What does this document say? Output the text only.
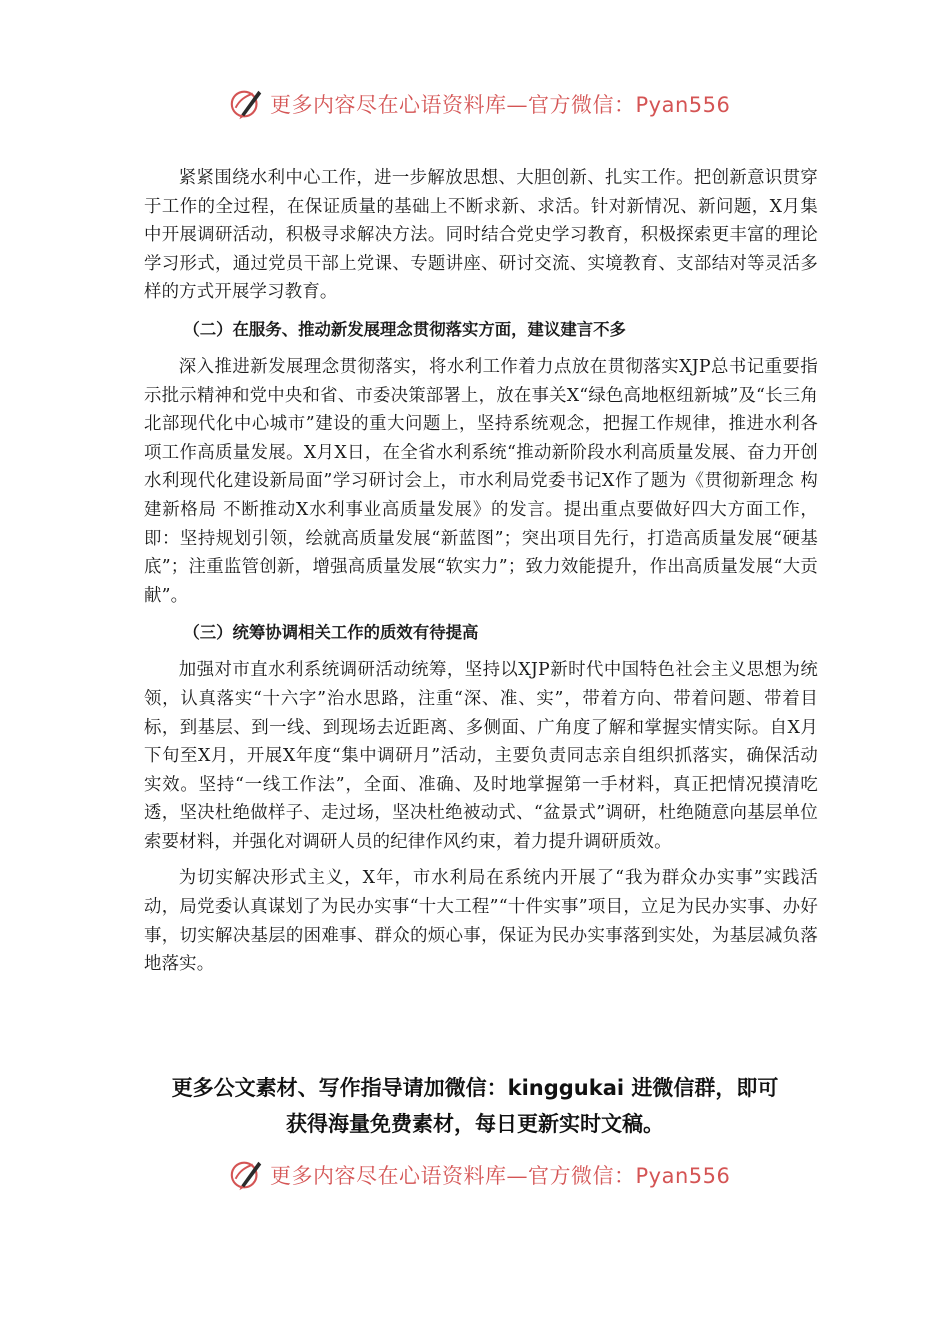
更多内容尽在心语资料库—官方微信：Pyan556

紧紧围绕水利中心工作，进一步解放思想、大胆创新、扎实工作。把创新意识贯穿于工作的全过程，在保证质量的基础上不断求新、求活。针对新情况、新问题，X月集中开展调研活动，积极寻求解决方法。同时结合党史学习教育，积极探索更丰富的理论学习形式，通过党员干部上党课、专题讲座、研讨交流、实境教育、支部结对等灵活多样的方式开展学习教育。

（二）在服务、推动新发展理念贯彻落实方面，建议建言不多

深入推进新发展理念贯彻落实，将水利工作着力点放在贯彻落实XJP总书记重要指示批示精神和党中央和省、市委决策部署上，放在事关X“绿色高地枢纽新城”及“长三角北部现代化中心城市”建设的重大问题上，坚持系统观念，把握工作规律，推进水利各项工作高质量发展。X月X日，在全省水利系统“推动新阶段水利高质量发展、奋力开创水利现代化建设新局面”学习研讨会上，市水利局党委书记X作了题为《贯彻新理念 构建新格局 不断推动X水利事业高质量发展》的发言。提出重点要做好四大方面工作，即：坚持规划引领，绘就高质量发展“新蓝图”；突出项目先行，打造高质量发展“硬基底”；注重监管创新，增强高质量发展“软实力”；致力效能提升，作出高质量发展“大贡献”。

（三）统筹协调相关工作的质效有待提高

加强对市直水利系统调研活动统筹，坚持以XJP新时代中国特色社会主义思想为统领，认真落实“十六字”治水思路，注重“深、准、实”，带着方向、带着问题、带着目标，到基层、到一线、到现场去近距离、多侧面、广角度了解和掌握实情实际。自X月下旬至X月，开展X年度“集中调研月”活动，主要负责同志亲自组织抓落实，确保活动实效。坚持“一线工作法”，全面、准确、及时地掌握第一手材料，真正把情况摸清吃透，坚决杜绝做样子、走过场，坚决杜绝被动式、“盆景式”调研，杜绝随意向基层单位索要材料，并强化对调研人员的纪律作风约束，着力提升调研质效。

为切实解决形式主义，X年，市水利局在系统内开展了“我为群众办实事”实践活动，局党委认真谋划了为民办实事“十大工程”“十件实事”项目，立足为民办实事、办好事，切实解决基层的困难事、群众的烦心事，保证为民办实事落到实处，为基层减负落地落实。

更多公文素材、写作指导请加微信：kinggukai 进微信群，即可
获得海量免费素材，每日更新实时文稿。
更多内容尽在心语资料库—官方微信：Pyan556
